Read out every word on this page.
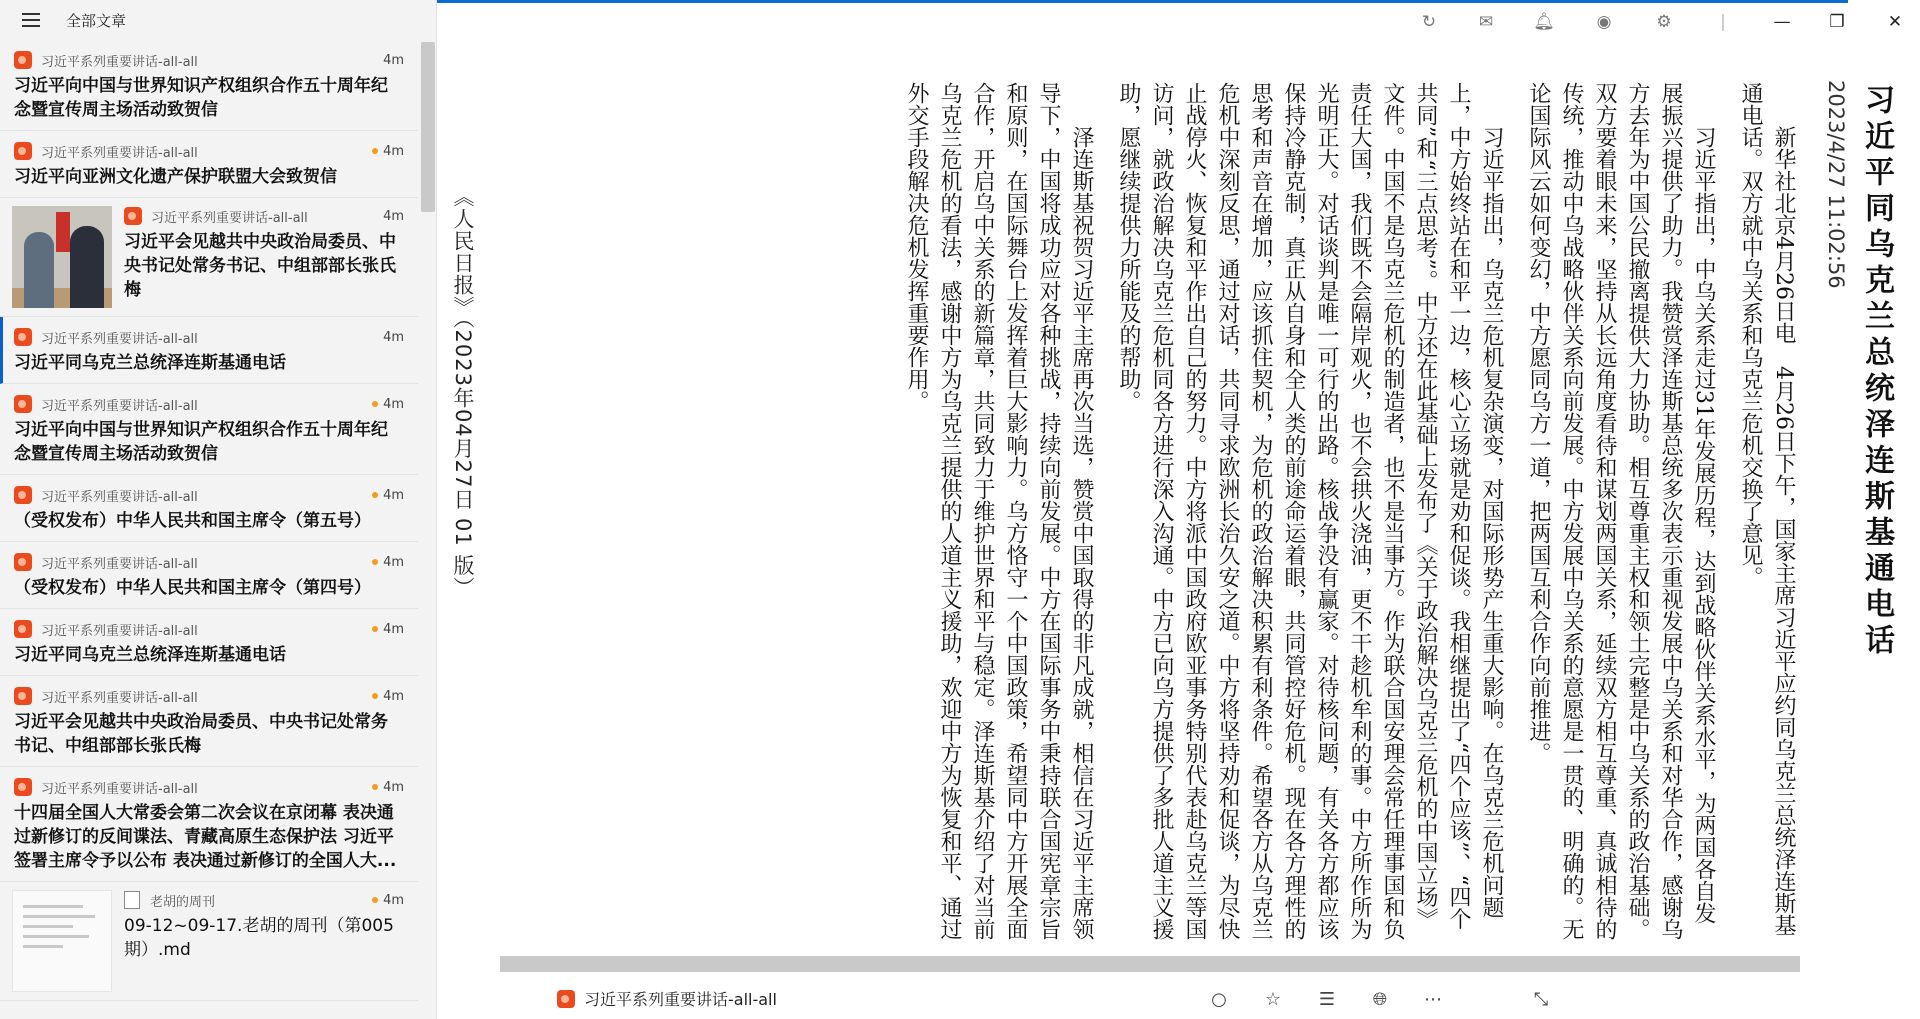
全部文章
习近平系列重要讲话-all-all	4m
习近平向中国与世界知识产权组织合作五十周年纪念暨宣传周主场活动致贺信
习近平系列重要讲话-all-all	4m
习近平向亚洲文化遗产保护联盟大会致贺信
习近平系列重要讲话-all-all	4m
习近平会见越共中央政治局委员、中央书记处常务书记、中组部部长张氏梅
习近平系列重要讲话-all-all	4m
习近平同乌克兰总统泽连斯基通电话
习近平系列重要讲话-all-all	4m
习近平向中国与世界知识产权组织合作五十周年纪念暨宣传周主场活动致贺信
习近平系列重要讲话-all-all	4m
（受权发布）中华人民共和国主席令（第五号）
习近平系列重要讲话-all-all	4m
（受权发布）中华人民共和国主席令（第四号）
习近平系列重要讲话-all-all	4m
习近平同乌克兰总统泽连斯基通电话
习近平系列重要讲话-all-all	4m
习近平会见越共中央政治局委员、中央书记处常务书记、中组部部长张氏梅
习近平系列重要讲话-all-all	4m
十四届全国人大常委会第二次会议在京闭幕 表决通过新修订的反间谍法、青藏高原生态保护法 习近平签署主席令予以公布 表决通过新修订的全国人大...
老胡的周刊	4m
09-12~09-17.老胡的周刊（第005期）.md
↻	✉ 🔔︎ ◉	⚙	|	— ❐	✕
习近平同乌克兰总统泽连斯基通电话
2023/4/27 11:02:56

新华社北京4月26日电　4月26日下午，国家主席习近平应约同乌克兰总统泽连斯基通电话。双方就中乌关系和乌克兰危机交换了意见。

习近平指出，中乌关系走过31年发展历程，达到战略伙伴关系水平，为两国各自发展振兴提供了助力。我赞赏泽连斯基总统多次表示重视发展中乌关系和对华合作，感谢乌方去年为中国公民撤离提供大力协助。相互尊重主权和领土完整是中乌关系的政治基础。双方要着眼未来，坚持从长远角度看待和谋划两国关系，延续双方相互尊重、真诚相待的传统，推动中乌战略伙伴关系向前发展。中方发展中乌关系的意愿是一贯的、明确的。无论国际风云如何变幻，中方愿同乌方一道，把两国互利合作向前推进。

习近平指出，乌克兰危机复杂演变，对国际形势产生重大影响。在乌克兰危机问题上，中方始终站在和平一边，核心立场就是劝和促谈。我相继提出了“四个应该”、“四个共同”和“三点思考”。中方还在此基础上发布了《关于政治解决乌克兰危机的中国立场》文件。中国不是乌克兰危机的制造者，也不是当事方。作为联合国安理会常任理事国和负责任大国，我们既不会隔岸观火，也不会拱火浇油，更不干趁机牟利的事。中方所作所为光明正大。对话谈判是唯一可行的出路。核战争没有赢家。对待核问题，有关各方都应该保持冷静克制，真正从自身和全人类的前途命运着眼，共同管控好危机。现在各方理性的思考和声音在增加，应该抓住契机，为危机的政治解决积累有利条件。希望各方从乌克兰危机中深刻反思，通过对话，共同寻求欧洲长治久安之道。中方将坚持劝和促谈，为尽快止战停火、恢复和平作出自己的努力。中方将派中国政府欧亚事务特别代表赴乌克兰等国访问，就政治解决乌克兰危机同各方进行深入沟通。中方已向乌方提供了多批人道主义援助，愿继续提供力所能及的帮助。

泽连斯基祝贺习近平主席再次当选，赞赏中国取得的非凡成就，相信在习近平主席领导下，中国将成功应对各种挑战，持续向前发展。中方在国际事务中秉持联合国宪章宗旨和原则，在国际舞台上发挥着巨大影响力。乌方恪守一个中国政策，希望同中方开展全面合作，开启乌中关系的新篇章，共同致力于维护世界和平与稳定。泽连斯基介绍了对当前乌克兰危机的看法，感谢中方为乌克兰提供的人道主义援助，欢迎中方为恢复和平、通过外交手段解决危机发挥重要作用。

《人民日报》（2023年04月27日 01 版）
习近平系列重要讲话-all-all	○ ☆ ☰ 🌐︎ ⋯	⤡
